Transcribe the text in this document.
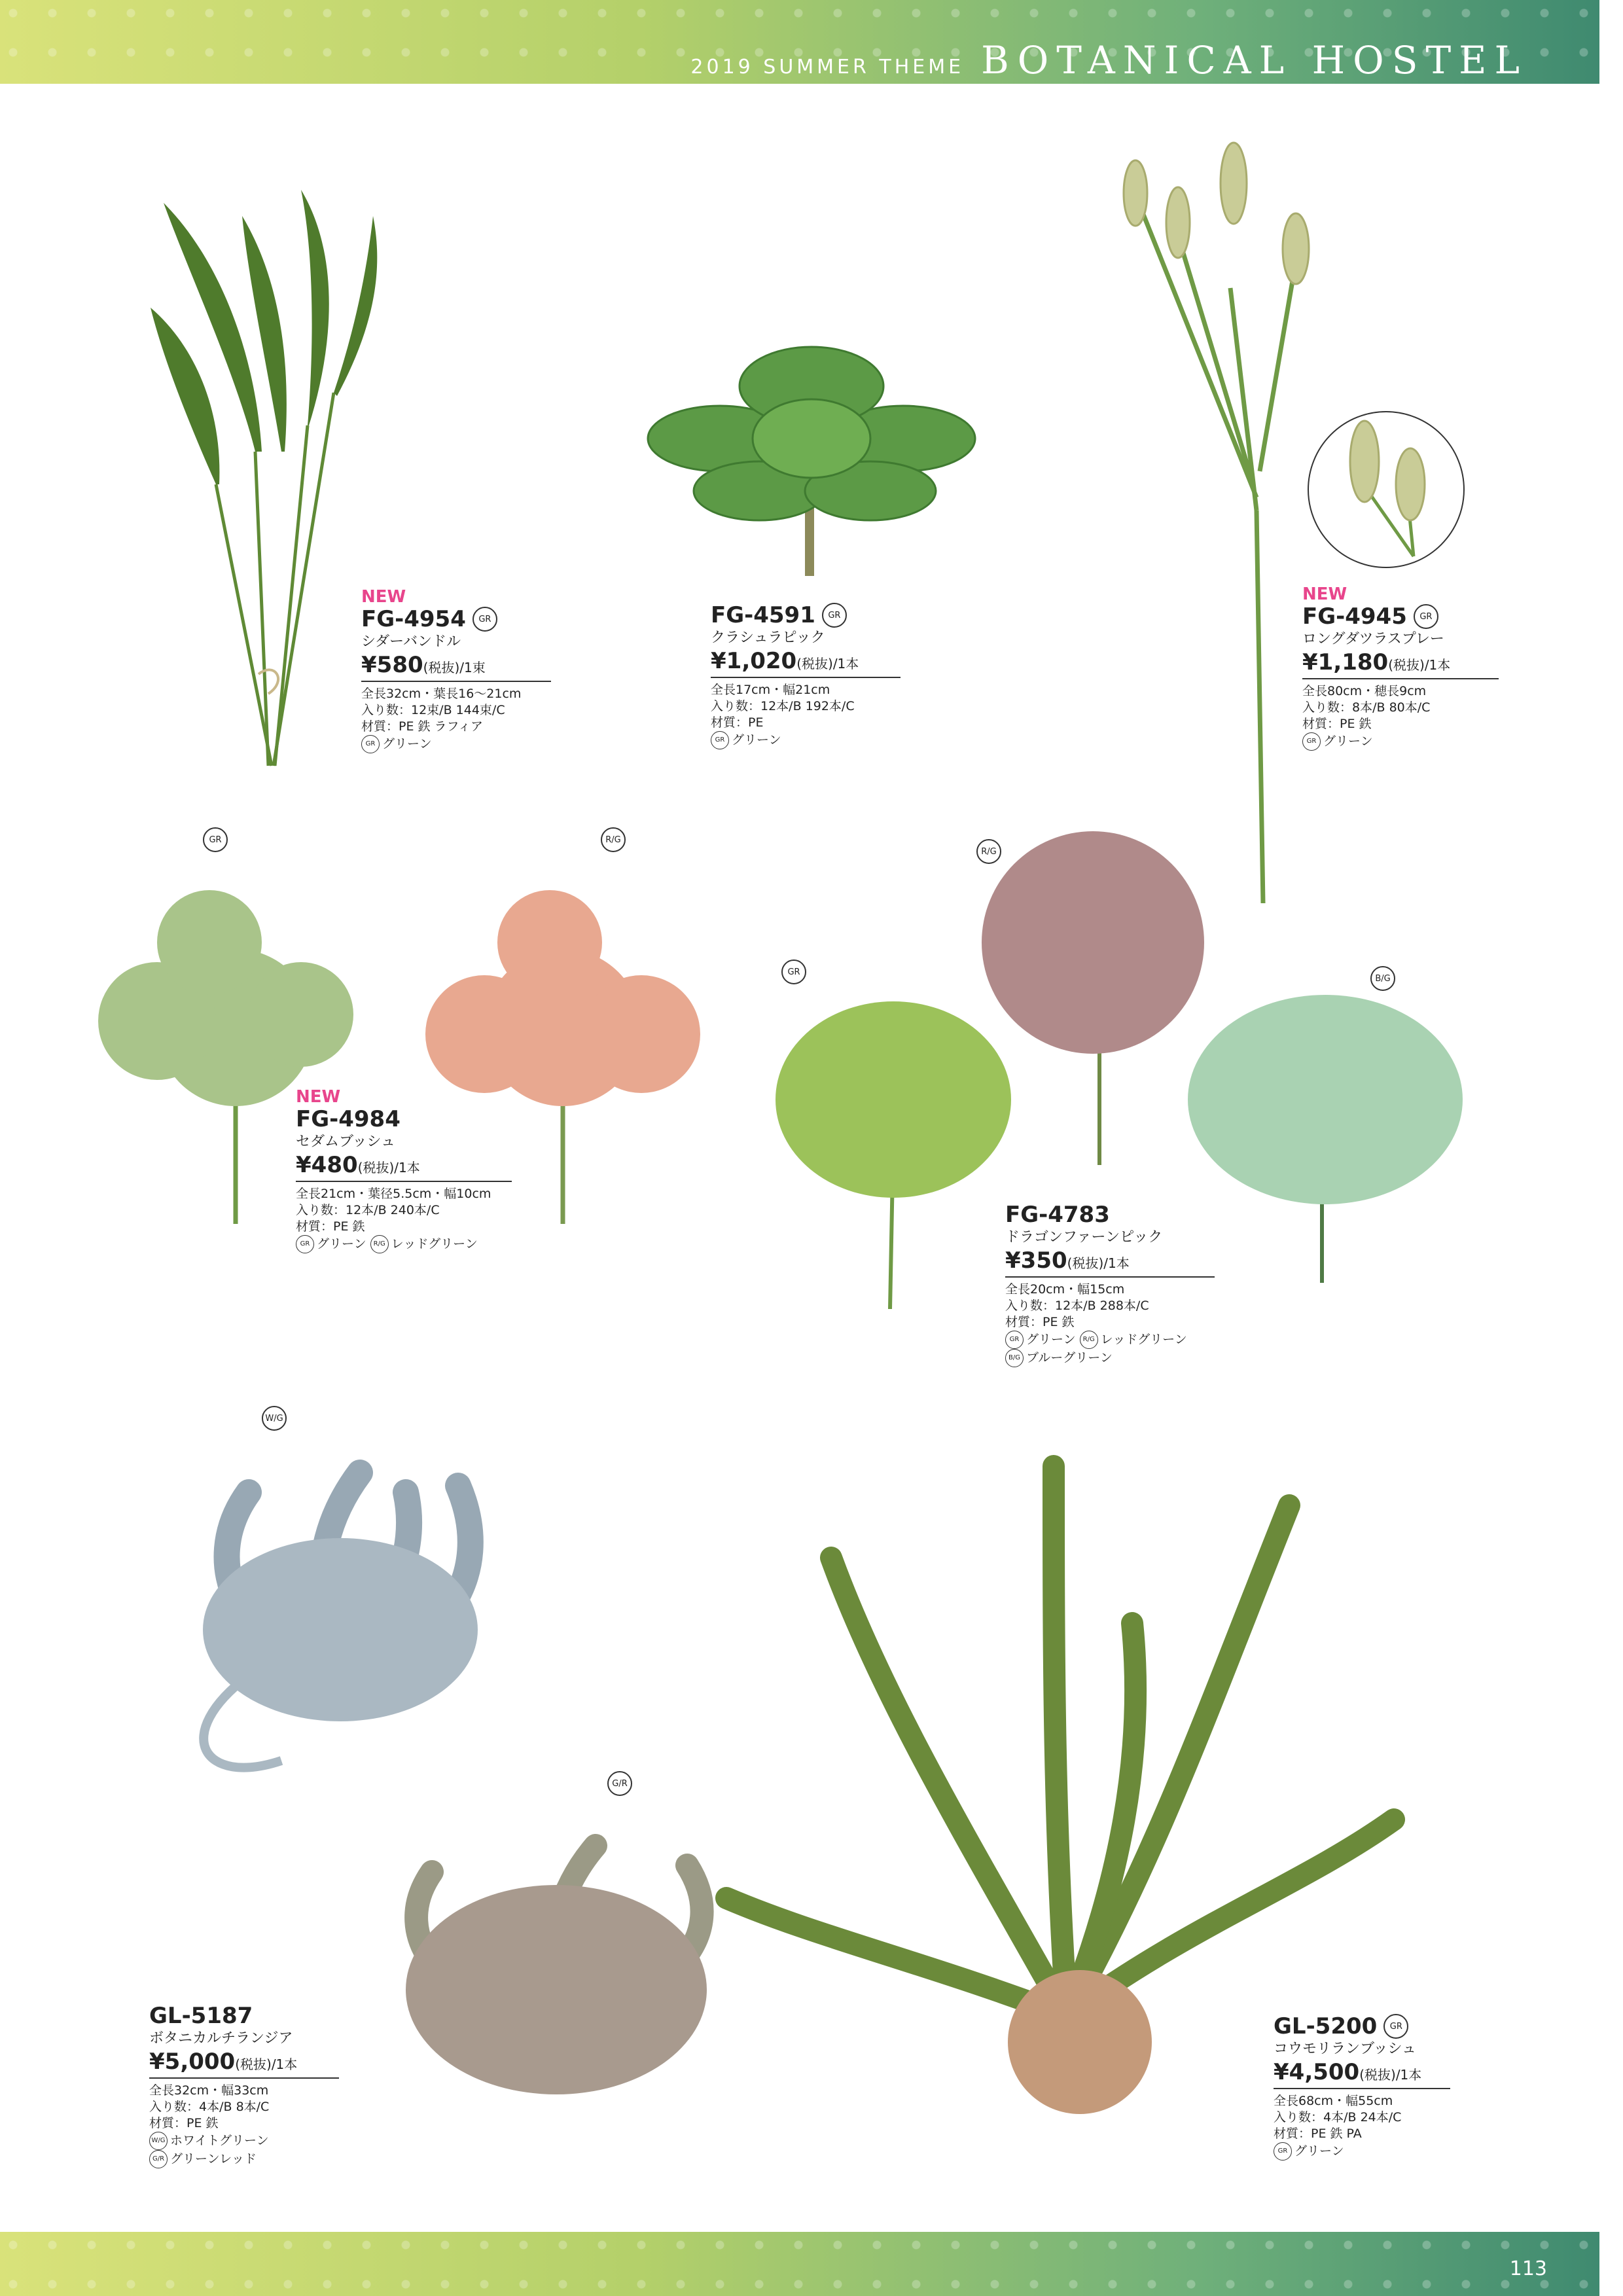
2019 SUMMER THEME BOTANICAL HOSTEL
113
GR	R/G
GR
R/G
B/G
W/G
G/R
NEW
FG-4954	GR
シダーバンドル
¥580(税抜)/1束
全長32cm・葉長16～21cm
入り数：12束/B 144束/C
材質：PE 鉄 ラフィア
GR グリーン
FG-4591	GR
クラシュラピック
¥1,020(税抜)/1本
全長17cm・幅21cm
入り数：12本/B 192本/C
材質：PE
GR グリーン
NEW
FG-4945	GR
ロングダツラスプレー
¥1,180(税抜)/1本
全長80cm・穂長9cm
入り数：8本/B 80本/C
材質：PE 鉄
GR グリーン
NEW
FG-4984
セダムブッシュ
¥480(税抜)/1本
全長21cm・葉径5.5cm・幅10cm
入り数：12本/B 240本/C
材質：PE 鉄
GR グリーン R/G レッドグリーン
FG-4783
ドラゴンファーンピック
¥350(税抜)/1本
全長20cm・幅15cm
入り数：12本/B 288本/C
材質：PE 鉄
GR グリーン R/G レッドグリーン
B/G ブルーグリーン
GL-5187
ボタニカルチランジア
¥5,000(税抜)/1本
全長32cm・幅33cm
入り数：4本/B 8本/C
材質：PE 鉄
W/G ホワイトグリーン
G/R グリーンレッド
GL-5200	GR
コウモリランブッシュ
¥4,500(税抜)/1本
全長68cm・幅55cm
入り数：4本/B 24本/C
材質：PE 鉄 PA
GR グリーン
